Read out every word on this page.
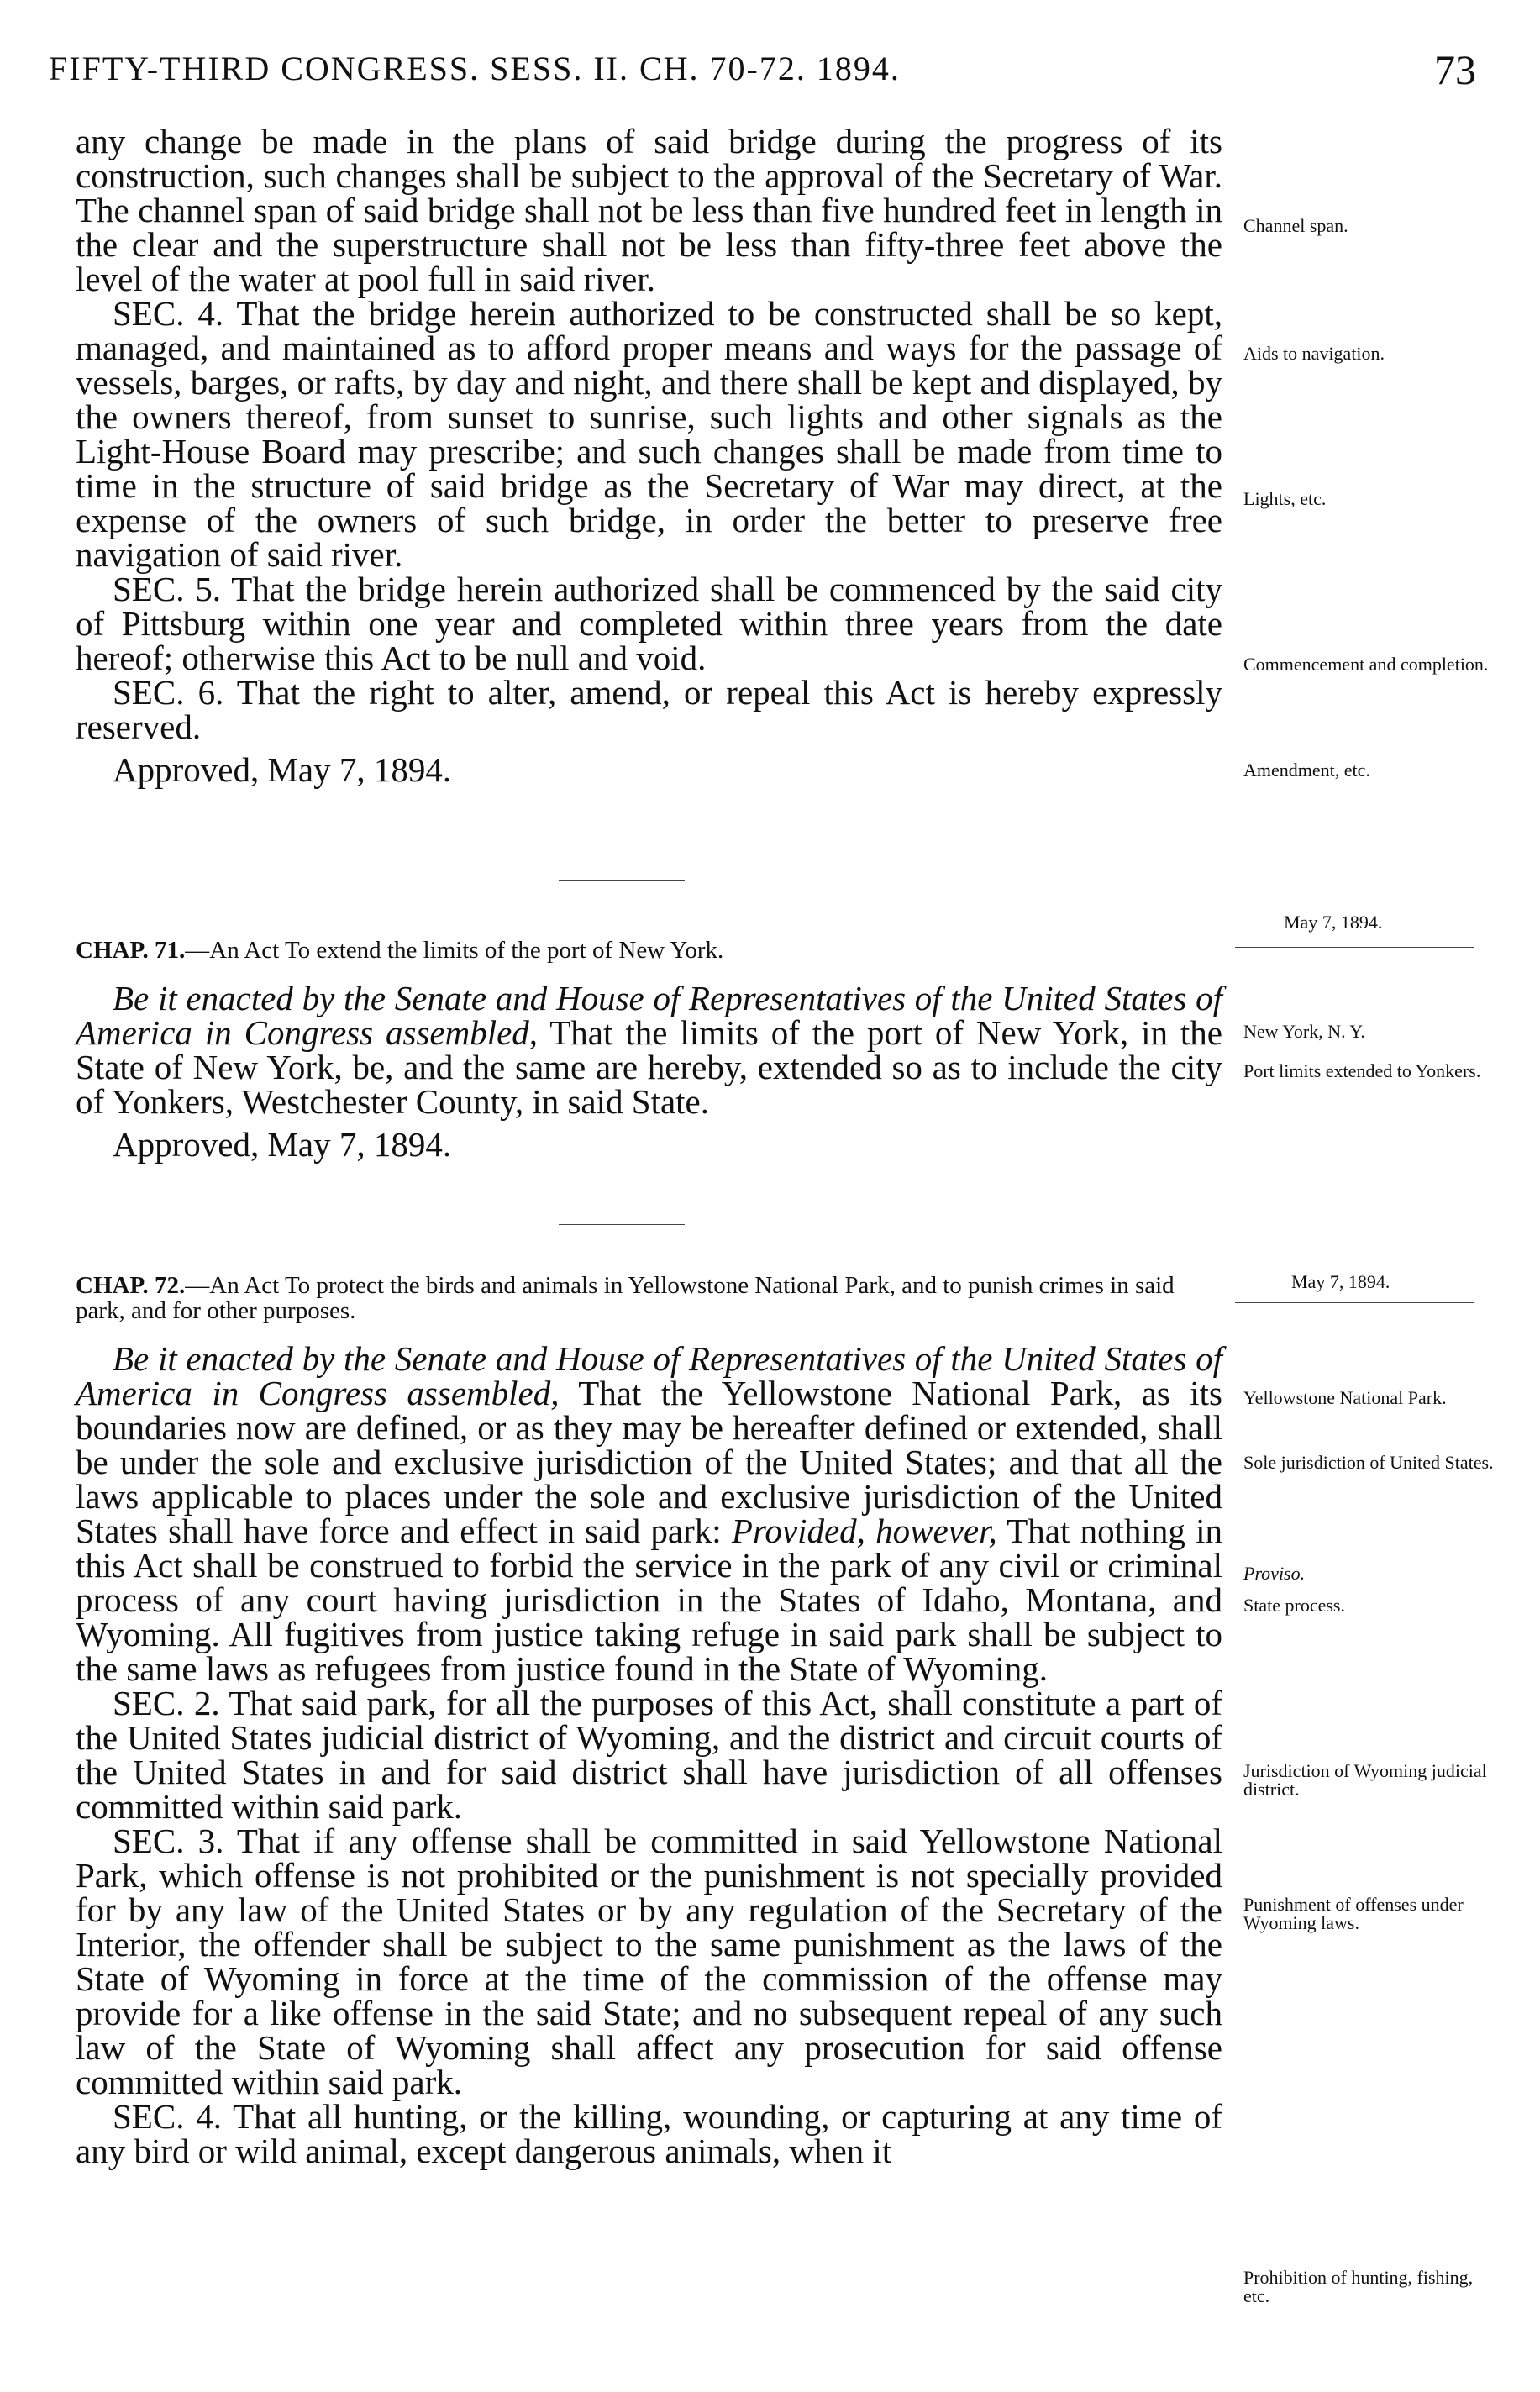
FIFTY-THIRD CONGRESS. SESS. II. CH. 70-72. 1894.	73

any change be made in the plans of said bridge during the progress of its construction, such changes shall be subject to the approval of the Secretary of War. The channel span of said bridge shall not be less than five hundred feet in length in the clear and the superstructure shall not be less than fifty-three feet above the level of the water at pool full in said river.

SEC. 4. That the bridge herein authorized to be constructed shall be so kept, managed, and maintained as to afford proper means and ways for the passage of vessels, barges, or rafts, by day and night, and there shall be kept and displayed, by the owners thereof, from sunset to sunrise, such lights and other signals as the Light-House Board may prescribe; and such changes shall be made from time to time in the structure of said bridge as the Secretary of War may direct, at the expense of the owners of such bridge, in order the better to preserve free navigation of said river.

SEC. 5. That the bridge herein authorized shall be commenced by the said city of Pittsburg within one year and completed within three years from the date hereof; otherwise this Act to be null and void.

SEC. 6. That the right to alter, amend, or repeal this Act is hereby expressly reserved.

Approved, May 7, 1894.

May 7, 1894.

CHAP. 71.—An Act To extend the limits of the port of New York.

Be it enacted by the Senate and House of Representatives of the United States of America in Congress assembled, That the limits of the port of New York, in the State of New York, be, and the same are hereby, extended so as to include the city of Yonkers, Westchester County, in said State.

Approved, May 7, 1894.

May 7, 1894.

CHAP. 72.—An Act To protect the birds and animals in Yellowstone National Park, and to punish crimes in said park, and for other purposes.

Be it enacted by the Senate and House of Representatives of the United States of America in Congress assembled, That the Yellowstone National Park, as its boundaries now are defined, or as they may be hereafter defined or extended, shall be under the sole and exclusive jurisdiction of the United States; and that all the laws applicable to places under the sole and exclusive jurisdiction of the United States shall have force and effect in said park: Provided, however, That nothing in this Act shall be construed to forbid the service in the park of any civil or criminal process of any court having jurisdiction in the States of Idaho, Montana, and Wyoming. All fugitives from justice taking refuge in said park shall be subject to the same laws as refugees from justice found in the State of Wyoming.

SEC. 2. That said park, for all the purposes of this Act, shall constitute a part of the United States judicial district of Wyoming, and the district and circuit courts of the United States in and for said district shall have jurisdiction of all offenses committed within said park.

SEC. 3. That if any offense shall be committed in said Yellowstone National Park, which offense is not prohibited or the punishment is not specially provided for by any law of the United States or by any regulation of the Secretary of the Interior, the offender shall be subject to the same punishment as the laws of the State of Wyoming in force at the time of the commission of the offense may provide for a like offense in the said State; and no subsequent repeal of any such law of the State of Wyoming shall affect any prosecution for said offense committed within said park.

SEC. 4. That all hunting, or the killing, wounding, or capturing at any time of any bird or wild animal, except dangerous animals, when it

Channel span.
Aids to navigation.
Lights, etc.
Commencement and completion.
Amendment, etc.
New York, N. Y.
Port limits extended to Yonkers.
Yellowstone National Park.
Sole jurisdiction of United States.
Proviso.
State process.
Jurisdiction of Wyoming judicial district.
Punishment of offenses under Wyoming laws.
Prohibition of hunting, fishing, etc.
